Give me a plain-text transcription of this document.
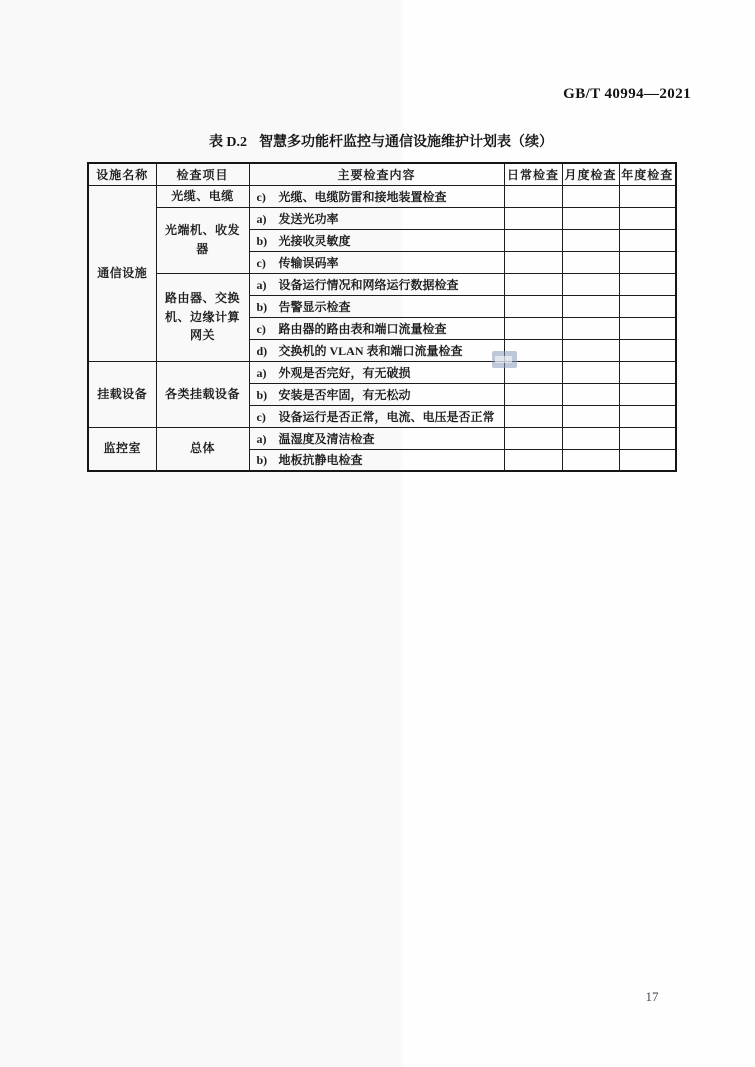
GB/T 40994—2021
表 D.2 智慧多功能杆监控与通信设施维护计划表（续）
设施名称	检查项目	主要检查内容	日常检查	月度检查	年度检查
通信设施	光缆、电缆	c) 光缆、电缆防雷和接地装置检查			
	光端机、收发器	a) 发送光功率			
		b) 光接收灵敏度			
		c) 传输误码率			
	路由器、交换机、边缘计算网关	a) 设备运行情况和网络运行数据检查			
		b) 告警显示检查			
		c) 路由器的路由表和端口流量检查			
		d) 交换机的 VLAN 表和端口流量检查			
挂载设备	各类挂载设备	a) 外观是否完好，有无破损			
		b) 安装是否牢固，有无松动			
		c) 设备运行是否正常，电流、电压是否正常			
监控室	总体	a) 温湿度及清洁检查			
		b) 地板抗静电检查			
17
